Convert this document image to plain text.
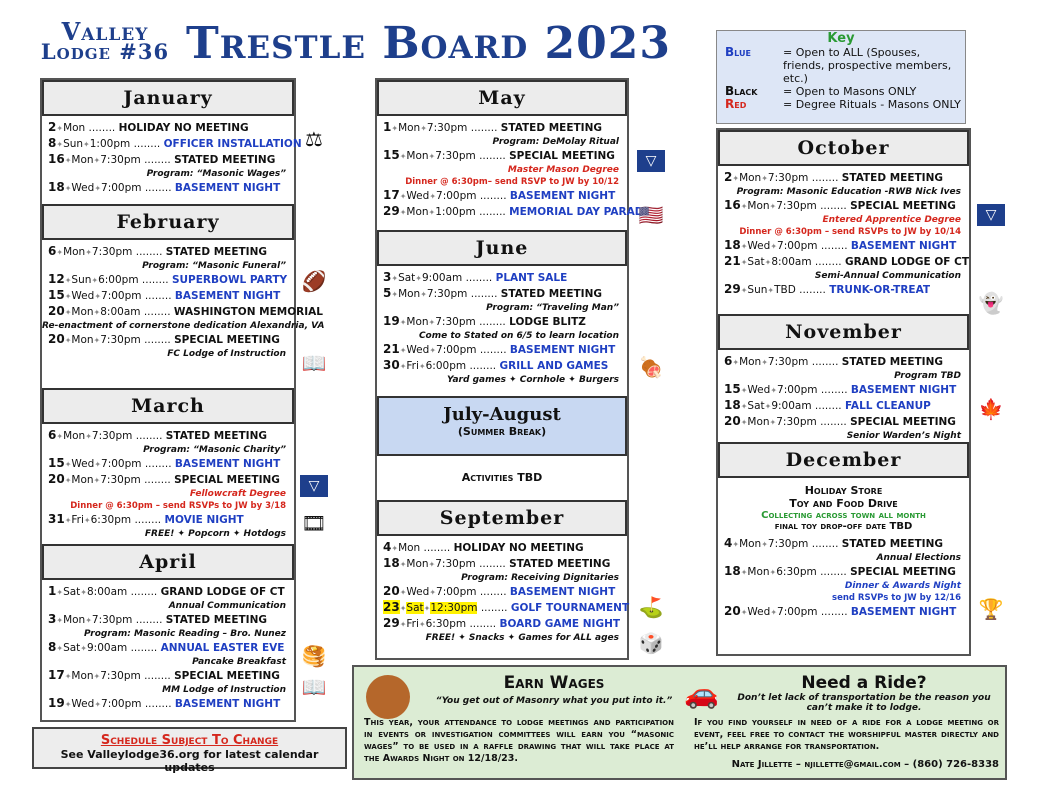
Valley
Lodge #36 Trestle Board 2023	Key
Blue	= Open to ALL (Spouses, friends, prospective members, etc.)
Black	= Open to Masons ONLY
Red	= Degree Rituals - Masons ONLY
January
2✦Mon ........ HOLIDAY NO MEETING
8✦Sun✦1:00pm ........ OFFICER INSTALLATION
16✦Mon✦7:30pm ........ STATED MEETING
Program: “Masonic Wages”
18✦Wed✦7:00pm ........ BASEMENT NIGHT
February
6✦Mon✦7:30pm ........ STATED MEETING
Program: “Masonic Funeral”
12✦Sun✦6:00pm ........ SUPERBOWL PARTY
15✦Wed✦7:00pm ........ BASEMENT NIGHT
20✦Mon✦8:00am ........ WASHINGTON MEMORIAL
Re-enactment of cornerstone dedication Alexandria, VA
20✦Mon✦7:30pm ........ SPECIAL MEETING
FC Lodge of Instruction
March
6✦Mon✦7:30pm ........ STATED MEETING
Program: “Masonic Charity”
15✦Wed✦7:00pm ........ BASEMENT NIGHT
20✦Mon✦7:30pm ........ SPECIAL MEETING
Fellowcraft Degree
Dinner @ 6:30pm – send RSVPs to JW by 3/18
31✦Fri✦6:30pm ........ MOVIE NIGHT
FREE! ✦ Popcorn ✦ Hotdogs
April
1✦Sat✦8:00am ........ GRAND LODGE OF CT
Annual Communication
3✦Mon✦7:30pm ........ STATED MEETING
Program: Masonic Reading – Bro. Nunez
8✦Sat✦9:00am ........ ANNUAL EASTER EVE
Pancake Breakfast
17✦Mon✦7:30pm ........ SPECIAL MEETING
MM Lodge of Instruction
19✦Wed✦7:00pm ........ BASEMENT NIGHT
May
1✦Mon✦7:30pm ........ STATED MEETING
Program: DeMolay Ritual
15✦Mon✦7:30pm ........ SPECIAL MEETING
Master Mason Degree
Dinner @ 6:30pm– send RSVP to JW by 10/12
17✦Wed✦7:00pm ........ BASEMENT NIGHT
29✦Mon✦1:00pm ........ MEMORIAL DAY PARADE
June
3✦Sat✦9:00am ........ PLANT SALE
5✦Mon✦7:30pm ........ STATED MEETING
Program: “Traveling Man”
19✦Mon✦7:30pm ........ LODGE BLITZ
Come to Stated on 6/5 to learn location
21✦Wed✦7:00pm ........ BASEMENT NIGHT
30✦Fri✦6:00pm ........ GRILL AND GAMES
Yard games ✦ Cornhole ✦ Burgers
July-August
(Summer Break)
Activities TBD
September
4✦Mon ........ HOLIDAY NO MEETING
18✦Mon✦7:30pm ........ STATED MEETING
Program: Receiving Dignitaries
20✦Wed✦7:00pm ........ BASEMENT NIGHT
23✦Sat✦12:30pm ........ GOLF TOURNAMENT
29✦Fri✦6:30pm ........ BOARD GAME NIGHT
FREE! ✦ Snacks ✦ Games for ALL ages
October
2✦Mon✦7:30pm ........ STATED MEETING
Program: Masonic Education -RWB Nick Ives
16✦Mon✦7:30pm ........ SPECIAL MEETING
Entered Apprentice Degree
Dinner @ 6:30pm – send RSVPs to JW by 10/14
18✦Wed✦7:00pm ........ BASEMENT NIGHT
21✦Sat✦8:00am ........ GRAND LODGE OF CT
Semi-Annual Communication
29✦Sun✦TBD ........ TRUNK-OR-TREAT
November
6✦Mon✦7:30pm ........ STATED MEETING
Program TBD
15✦Wed✦7:00pm ........ BASEMENT NIGHT
18✦Sat✦9:00am ........ FALL CLEANUP
20✦Mon✦7:30pm ........ SPECIAL MEETING
Senior Warden’s Night
December
Holiday Store
Toy and Food Drive
Collecting across town all month
final toy drop-off date TBD
4✦Mon✦7:30pm ........ STATED MEETING
Annual Elections
18✦Mon✦6:30pm ........ SPECIAL MEETING
Dinner & Awards Night
send RSVPs to JW by 12/16
20✦Wed✦7:00pm ........ BASEMENT NIGHT
⚖
🏈
📖
▽
🎞
🥞
📖
▽
🇺🇸
🍖
⛳
🎲
▽
👻
🍁
🏆
Schedule Subject To Change
See Valleylodge36.org for latest calendar updates
Earn Wages
“You get out of Masonry what you put into it.”
This year, your attendance to lodge meetings and participation in events or investigation committees will earn you “masonic wages” to be used in a raffle drawing that will take place at the Awards Night on 12/18/23.
🚗	Need a Ride?
Don’t let lack of transportation be the reason you can’t make it to lodge.
If you find yourself in need of a ride for a lodge meeting or event, feel free to contact the worshipful master directly and he’ll help arrange for transportation.
Nate Jillette – njillette@gmail.com – (860) 726-8338
